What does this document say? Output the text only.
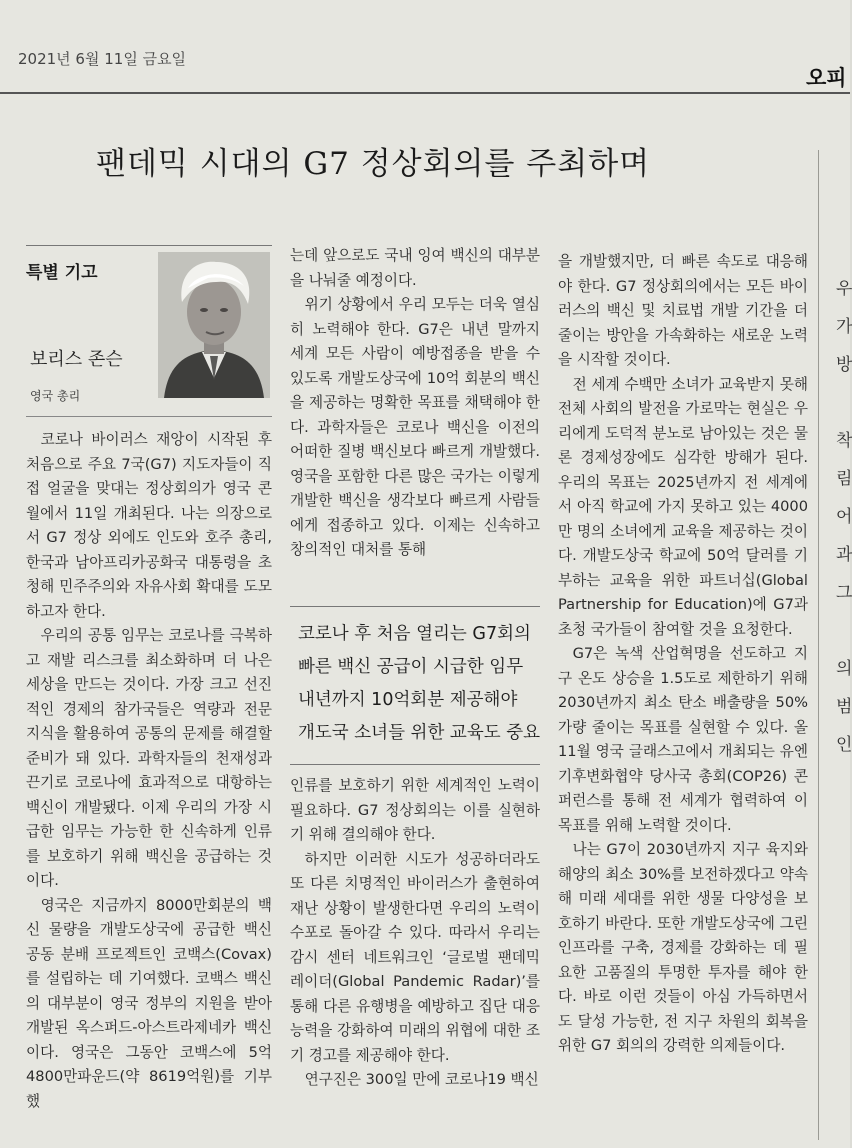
2021년 6월 11일 금요일
오피
팬데믹 시대의 G7 정상회의를 주최하며
특별 기고
보리스 존슨
영국 총리

코로나 바이러스 재앙이 시작된 후 처음으로 주요 7국(G7) 지도자들이 직접 얼굴을 맞대는 정상회의가 영국 콘월에서 11일 개최된다. 나는 의장으로서 G7 정상 외에도 인도와 호주 총리, 한국과 남아프리카공화국 대통령을 초청해 민주주의와 자유사회 확대를 도모하고자 한다.

우리의 공통 임무는 코로나를 극복하고 재발 리스크를 최소화하며 더 나은 세상을 만드는 것이다. 가장 크고 선진적인 경제의 참가국들은 역량과 전문 지식을 활용하여 공통의 문제를 해결할 준비가 돼 있다. 과학자들의 천재성과 끈기로 코로나에 효과적으로 대항하는 백신이 개발됐다. 이제 우리의 가장 시급한 임무는 가능한 한 신속하게 인류를 보호하기 위해 백신을 공급하는 것이다.

영국은 지금까지 8000만회분의 백신 물량을 개발도상국에 공급한 백신 공동 분배 프로젝트인 코백스(Covax)를 설립하는 데 기여했다. 코백스 백신의 대부분이 영국 정부의 지원을 받아 개발된 옥스퍼드-아스트라제네카 백신이다. 영국은 그동안 코백스에 5억 4800만파운드(약 8619억원)를 기부했

는데 앞으로도 국내 잉여 백신의 대부분을 나눠줄 예정이다.

위기 상황에서 우리 모두는 더욱 열심히 노력해야 한다. G7은 내년 말까지 세계 모든 사람이 예방접종을 받을 수 있도록 개발도상국에 10억 회분의 백신을 제공하는 명확한 목표를 채택해야 한다. 과학자들은 코로나 백신을 이전의 어떠한 질병 백신보다 빠르게 개발했다. 영국을 포함한 다른 많은 국가는 이렇게 개발한 백신을 생각보다 빠르게 사람들에게 접종하고 있다. 이제는 신속하고 창의적인 대처를 통해

코로나 후 처음 열리는 G7회의
빠른 백신 공급이 시급한 임무
내년까지 10억회분 제공해야
개도국 소녀들 위한 교육도 중요

인류를 보호하기 위한 세계적인 노력이 필요하다. G7 정상회의는 이를 실현하기 위해 결의해야 한다.

하지만 이러한 시도가 성공하더라도 또 다른 치명적인 바이러스가 출현하여 재난 상황이 발생한다면 우리의 노력이 수포로 돌아갈 수 있다. 따라서 우리는 감시 센터 네트워크인 ‘글로벌 팬데믹 레이더(Global Pandemic Radar)’를 통해 다른 유행병을 예방하고 집단 대응 능력을 강화하여 미래의 위협에 대한 조기 경고를 제공해야 한다.

연구진은 300일 만에 코로나19 백신

을 개발했지만, 더 빠른 속도로 대응해야 한다. G7 정상회의에서는 모든 바이러스의 백신 및 치료법 개발 기간을 더 줄이는 방안을 가속화하는 새로운 노력을 시작할 것이다.

전 세계 수백만 소녀가 교육받지 못해 전체 사회의 발전을 가로막는 현실은 우리에게 도덕적 분노로 남아있는 것은 물론 경제성장에도 심각한 방해가 된다. 우리의 목표는 2025년까지 전 세계에서 아직 학교에 가지 못하고 있는 4000만 명의 소녀에게 교육을 제공하는 것이다. 개발도상국 학교에 50억 달러를 기부하는 교육을 위한 파트너십(Global Partnership for Education)에 G7과 초청 국가들이 참여할 것을 요청한다.

G7은 녹색 산업혁명을 선도하고 지구 온도 상승을 1.5도로 제한하기 위해 2030년까지 최소 탄소 배출량을 50% 가량 줄이는 목표를 실현할 수 있다. 올 11월 영국 글래스고에서 개최되는 유엔기후변화협약 당사국 총회(COP26) 콘퍼런스를 통해 전 세계가 협력하여 이 목표를 위해 노력할 것이다.

나는 G7이 2030년까지 지구 육지와 해양의 최소 30%를 보전하겠다고 약속해 미래 세대를 위한 생물 다양성을 보호하기 바란다. 또한 개발도상국에 그린 인프라를 구축, 경제를 강화하는 데 필요한 고품질의 투명한 투자를 해야 한다. 바로 이런 것들이 아심 가득하면서도 달성 가능한, 전 지구 차원의 회복을 위한 G7 회의의 강력한 의제들이다.

우
가
방

착
림
어
과
그

의
범
인
